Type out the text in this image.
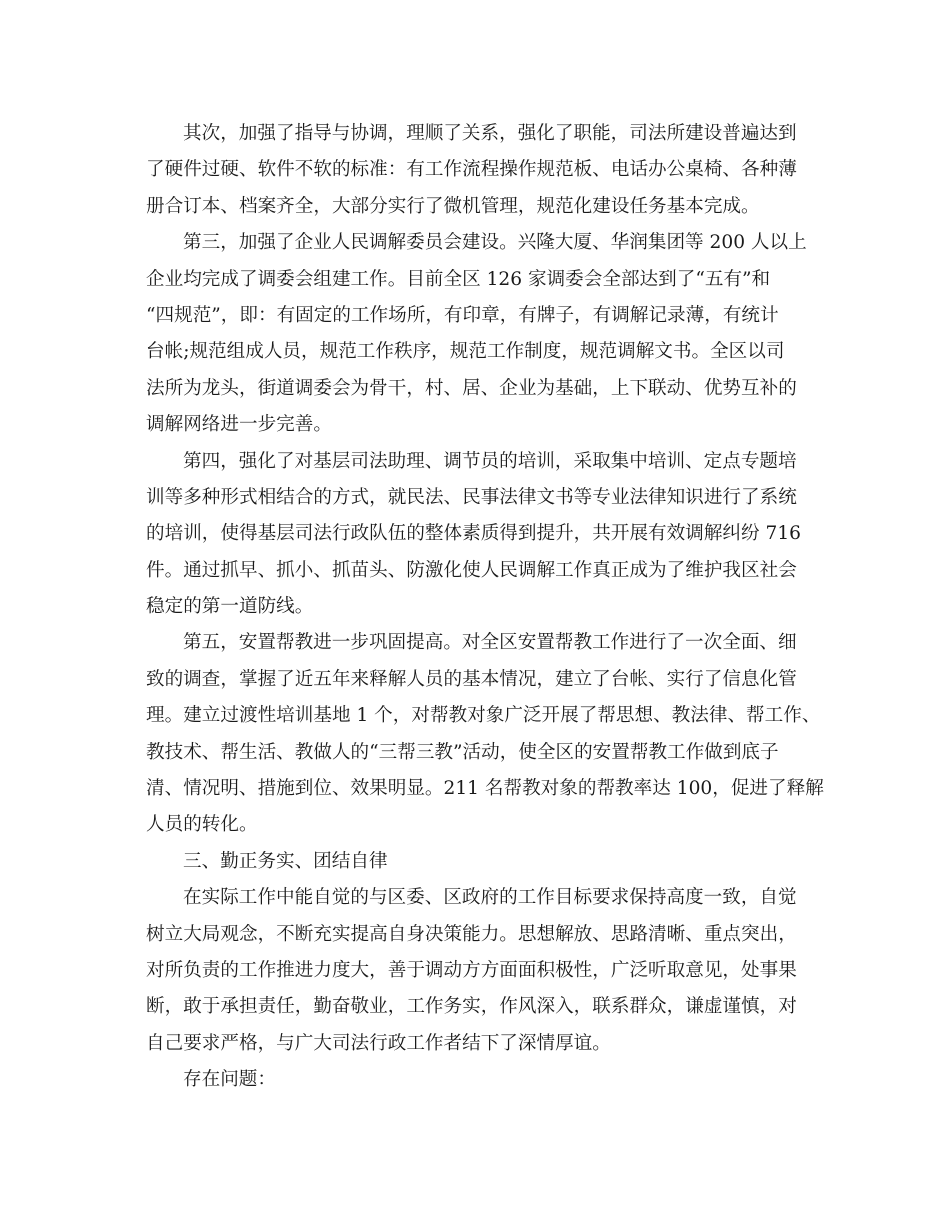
其次，加强了指导与协调，理顺了关系，强化了职能，司法所建设普遍达到
了硬件过硬、软件不软的标准：有工作流程操作规范板、电话办公桌椅、各种薄
册合订本、档案齐全，大部分实行了微机管理，规范化建设任务基本完成。
第三，加强了企业人民调解委员会建设。兴隆大厦、华润集团等 200 人以上
企业均完成了调委会组建工作。目前全区 126 家调委会全部达到了“五有”和
“四规范”，即：有固定的工作场所，有印章，有牌子，有调解记录薄，有统计
台帐;规范组成人员，规范工作秩序，规范工作制度，规范调解文书。全区以司
法所为龙头，街道调委会为骨干，村、居、企业为基础，上下联动、优势互补的
调解网络进一步完善。
第四，强化了对基层司法助理、调节员的培训，采取集中培训、定点专题培
训等多种形式相结合的方式，就民法、民事法律文书等专业法律知识进行了系统
的培训，使得基层司法行政队伍的整体素质得到提升，共开展有效调解纠纷 716
件。通过抓早、抓小、抓苗头、防激化使人民调解工作真正成为了维护我区社会
稳定的第一道防线。
第五，安置帮教进一步巩固提高。对全区安置帮教工作进行了一次全面、细
致的调查，掌握了近五年来释解人员的基本情况，建立了台帐、实行了信息化管
理。建立过渡性培训基地 1 个，对帮教对象广泛开展了帮思想、教法律、帮工作、
教技术、帮生活、教做人的“三帮三教”活动，使全区的安置帮教工作做到底子
清、情况明、措施到位、效果明显。211 名帮教对象的帮教率达 100，促进了释解
人员的转化。
三、勤正务实、团结自律
在实际工作中能自觉的与区委、区政府的工作目标要求保持高度一致，自觉
树立大局观念，不断充实提高自身决策能力。思想解放、思路清晰、重点突出，
对所负责的工作推进力度大，善于调动方方面面积极性，广泛听取意见，处事果
断，敢于承担责任，勤奋敬业，工作务实，作风深入，联系群众，谦虚谨慎，对
自己要求严格，与广大司法行政工作者结下了深情厚谊。
存在问题：
